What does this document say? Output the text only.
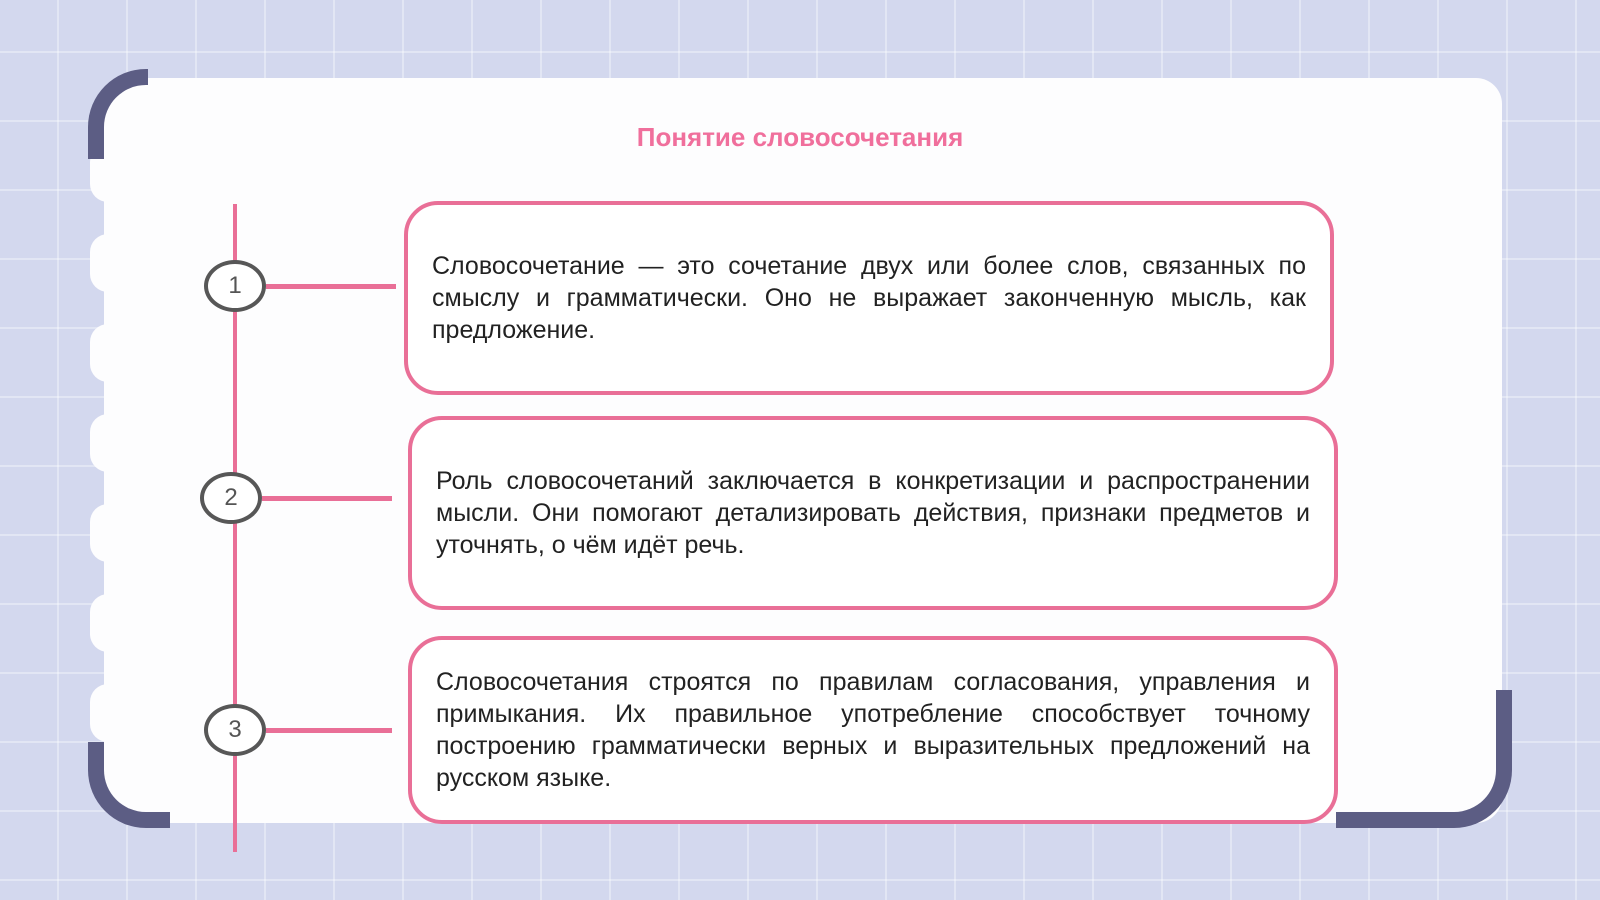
Понятие словосочетания
1
2
3

Словосочетание — это сочетание двух или более слов, связанных по смыслу и грамматически. Оно не выражает законченную мысль, как предложение.

Роль словосочетаний заключается в конкретизации и распространении мысли. Они помогают детализировать действия, признаки предметов и уточнять, о чём идёт речь.

Словосочетания строятся по правилам согласования, управления и примыкания. Их правильное употребление способствует точному построению грамматически верных и выразительных предложений на русском языке.
